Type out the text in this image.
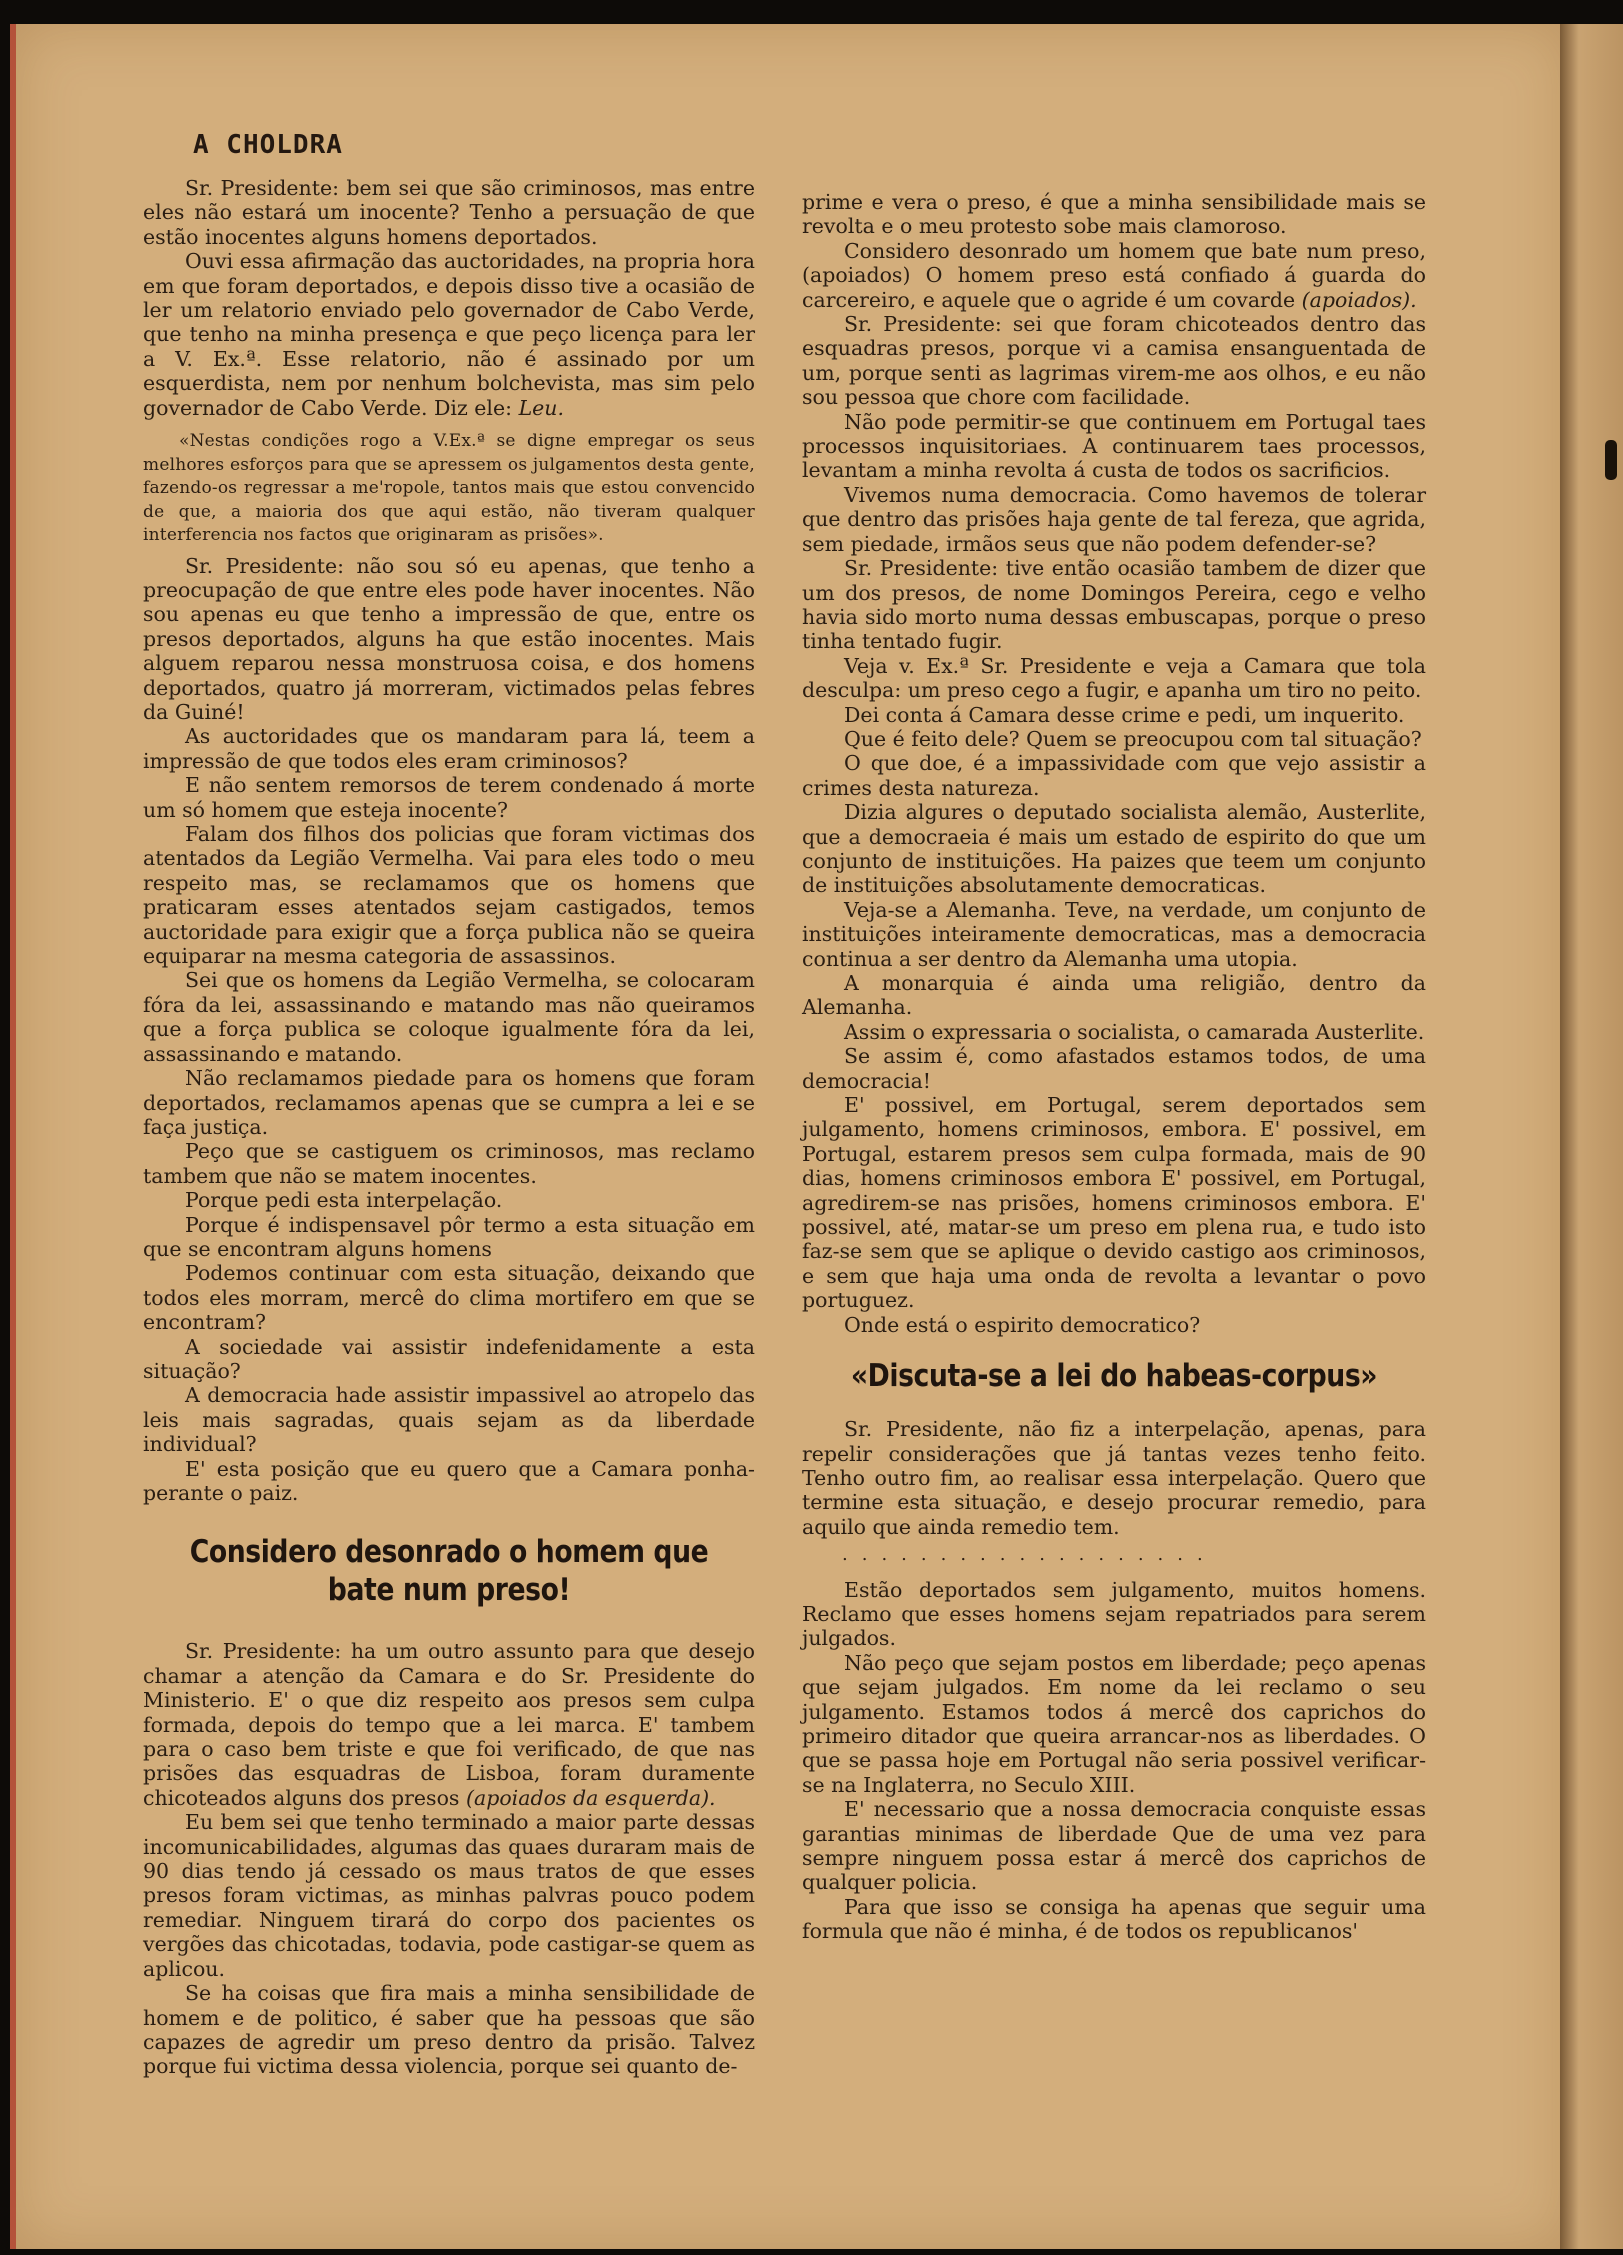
A CHOLDRA

Sr. Presidente: bem sei que são criminosos, mas entre eles não estará um inocente? Tenho a persuação de que estão inocentes alguns homens deportados.

Ouvi essa afirmação das auctoridades, na propria hora em que foram deportados, e depois disso tive a ocasião de ler um relatorio enviado pelo governador de Cabo Verde, que tenho na minha presença e que peço licença para ler a V. Ex.ª. Esse relatorio, não é assinado por um esquerdista, nem por nenhum bolchevista, mas sim pelo governador de Cabo Verde. Diz ele: Leu.

«Nestas condições rogo a V.Ex.ª se digne empregar os seus melhores esforços para que se apressem os julgamentos desta gente, fazendo-os regressar a me'ropole, tantos mais que estou convencido de que, a maioria dos que aqui estão, não tiveram qualquer interferencia nos factos que originaram as prisões».

Sr. Presidente: não sou só eu apenas, que tenho a preocupação de que entre eles pode haver inocentes. Não sou apenas eu que tenho a impressão de que, entre os presos deportados, alguns ha que estão inocentes. Mais alguem reparou nessa monstruosa coisa, e dos homens deportados, quatro já morreram, victimados pelas febres da Guiné!

As auctoridades que os mandaram para lá, teem a impressão de que todos eles eram criminosos?

E não sentem remorsos de terem condenado á morte um só homem que esteja inocente?

Falam dos filhos dos policias que foram victimas dos atentados da Legião Vermelha. Vai para eles todo o meu respeito mas, se reclamamos que os homens que praticaram esses atentados sejam castigados, temos auctoridade para exigir que a força publica não se queira equiparar na mesma categoria de assassinos.

Sei que os homens da Legião Vermelha, se colocaram fóra da lei, assassinando e matando mas não queiramos que a força publica se coloque igualmente fóra da lei, assassinando e matando.

Não reclamamos piedade para os homens que foram deportados, reclamamos apenas que se cumpra a lei e se faça justiça.

Peço que se castiguem os criminosos, mas reclamo tambem que não se matem inocentes.

Porque pedi esta interpelação.

Porque é indispensavel pôr termo a esta situação em que se encontram alguns homens

Podemos continuar com esta situação, deixando que todos eles morram, mercê do clima mortifero em que se encontram?

A sociedade vai assistir indefenidamente a esta situação?

A democracia hade assistir impassivel ao atropelo das leis mais sagradas, quais sejam as da liberdade individual?

E' esta posição que eu quero que a Camara ponha-perante o paiz.

Considero desonrado o homem que bate num preso!

Sr. Presidente: ha um outro assunto para que desejo chamar a atenção da Camara e do Sr. Presidente do Ministerio. E' o que diz respeito aos presos sem culpa formada, depois do tempo que a lei marca. E' tambem para o caso bem triste e que foi verificado, de que nas prisões das esquadras de Lisboa, foram duramente chicoteados alguns dos presos (apoiados da esquerda).

Eu bem sei que tenho terminado a maior parte dessas incomunicabilidades, algumas das quaes duraram mais de 90 dias tendo já cessado os maus tratos de que esses presos foram victimas, as minhas palvras pouco podem remediar. Ninguem tirará do corpo dos pacientes os vergões das chicotadas, todavia, pode castigar-se quem as aplicou.

Se ha coisas que fira mais a minha sensibilidade de homem e de politico, é saber que ha pessoas que são capazes de agredir um preso dentro da prisão. Talvez porque fui victima dessa violencia, porque sei quanto de-

prime e vera o preso, é que a minha sensibilidade mais se revolta e o meu protesto sobe mais clamoroso.

Considero desonrado um homem que bate num preso, (apoiados) O homem preso está confiado á guarda do carcereiro, e aquele que o agride é um covarde (apoiados).

Sr. Presidente: sei que foram chicoteados dentro das esquadras presos, porque vi a camisa ensanguentada de um, porque senti as lagrimas virem-me aos olhos, e eu não sou pessoa que chore com facilidade.

Não pode permitir-se que continuem em Portugal taes processos inquisitoriaes. A continuarem taes processos, levantam a minha revolta á custa de todos os sacrificios.

Vivemos numa democracia. Como havemos de tolerar que dentro das prisões haja gente de tal fereza, que agrida, sem piedade, irmãos seus que não podem defender-se?

Sr. Presidente: tive então ocasião tambem de dizer que um dos presos, de nome Domingos Pereira, cego e velho havia sido morto numa dessas embuscapas, porque o preso tinha tentado fugir.

Veja v. Ex.ª Sr. Presidente e veja a Camara que tola desculpa: um preso cego a fugir, e apanha um tiro no peito.

Dei conta á Camara desse crime e pedi, um inquerito.

Que é feito dele? Quem se preocupou com tal situação?

O que doe, é a impassividade com que vejo assistir a crimes desta natureza.

Dizia algures o deputado socialista alemão, Austerlite, que a democraeia é mais um estado de espirito do que um conjunto de instituições. Ha paizes que teem um conjunto de instituições absolutamente democraticas.

Veja-se a Alemanha. Teve, na verdade, um conjunto de instituições inteiramente democraticas, mas a democracia continua a ser dentro da Alemanha uma utopia.

A monarquia é ainda uma religião, dentro da Alemanha.

Assim o expressaria o socialista, o camarada Austerlite.

Se assim é, como afastados estamos todos, de uma democracia!

E' possivel, em Portugal, serem deportados sem julgamento, homens criminosos, embora. E' possivel, em Portugal, estarem presos sem culpa formada, mais de 90 dias, homens criminosos embora E' possivel, em Portugal, agredirem-se nas prisões, homens criminosos embora. E' possivel, até, matar-se um preso em plena rua, e tudo isto faz-se sem que se aplique o devido castigo aos criminosos, e sem que haja uma onda de revolta a levantar o povo portuguez.

Onde está o espirito democratico?

«Discuta-se a lei do habeas-corpus»

Sr. Presidente, não fiz a interpelação, apenas, para repelir considerações que já tantas vezes tenho feito. Tenho outro fim, ao realisar essa interpelação. Quero que termine esta situação, e desejo procurar remedio, para aquilo que ainda remedio tem.

...................

Estão deportados sem julgamento, muitos homens. Reclamo que esses homens sejam repatriados para serem julgados.

Não peço que sejam postos em liberdade; peço apenas que sejam julgados. Em nome da lei reclamo o seu julgamento. Estamos todos á mercê dos caprichos do primeiro ditador que queira arrancar-nos as liberdades. O que se passa hoje em Portugal não seria possivel verificar-se na Inglaterra, no Seculo XIII.

E' necessario que a nossa democracia conquiste essas garantias minimas de liberdade Que de uma vez para sempre ninguem possa estar á mercê dos caprichos de qualquer policia.

Para que isso se consiga ha apenas que seguir uma formula que não é minha, é de todos os republicanos'
